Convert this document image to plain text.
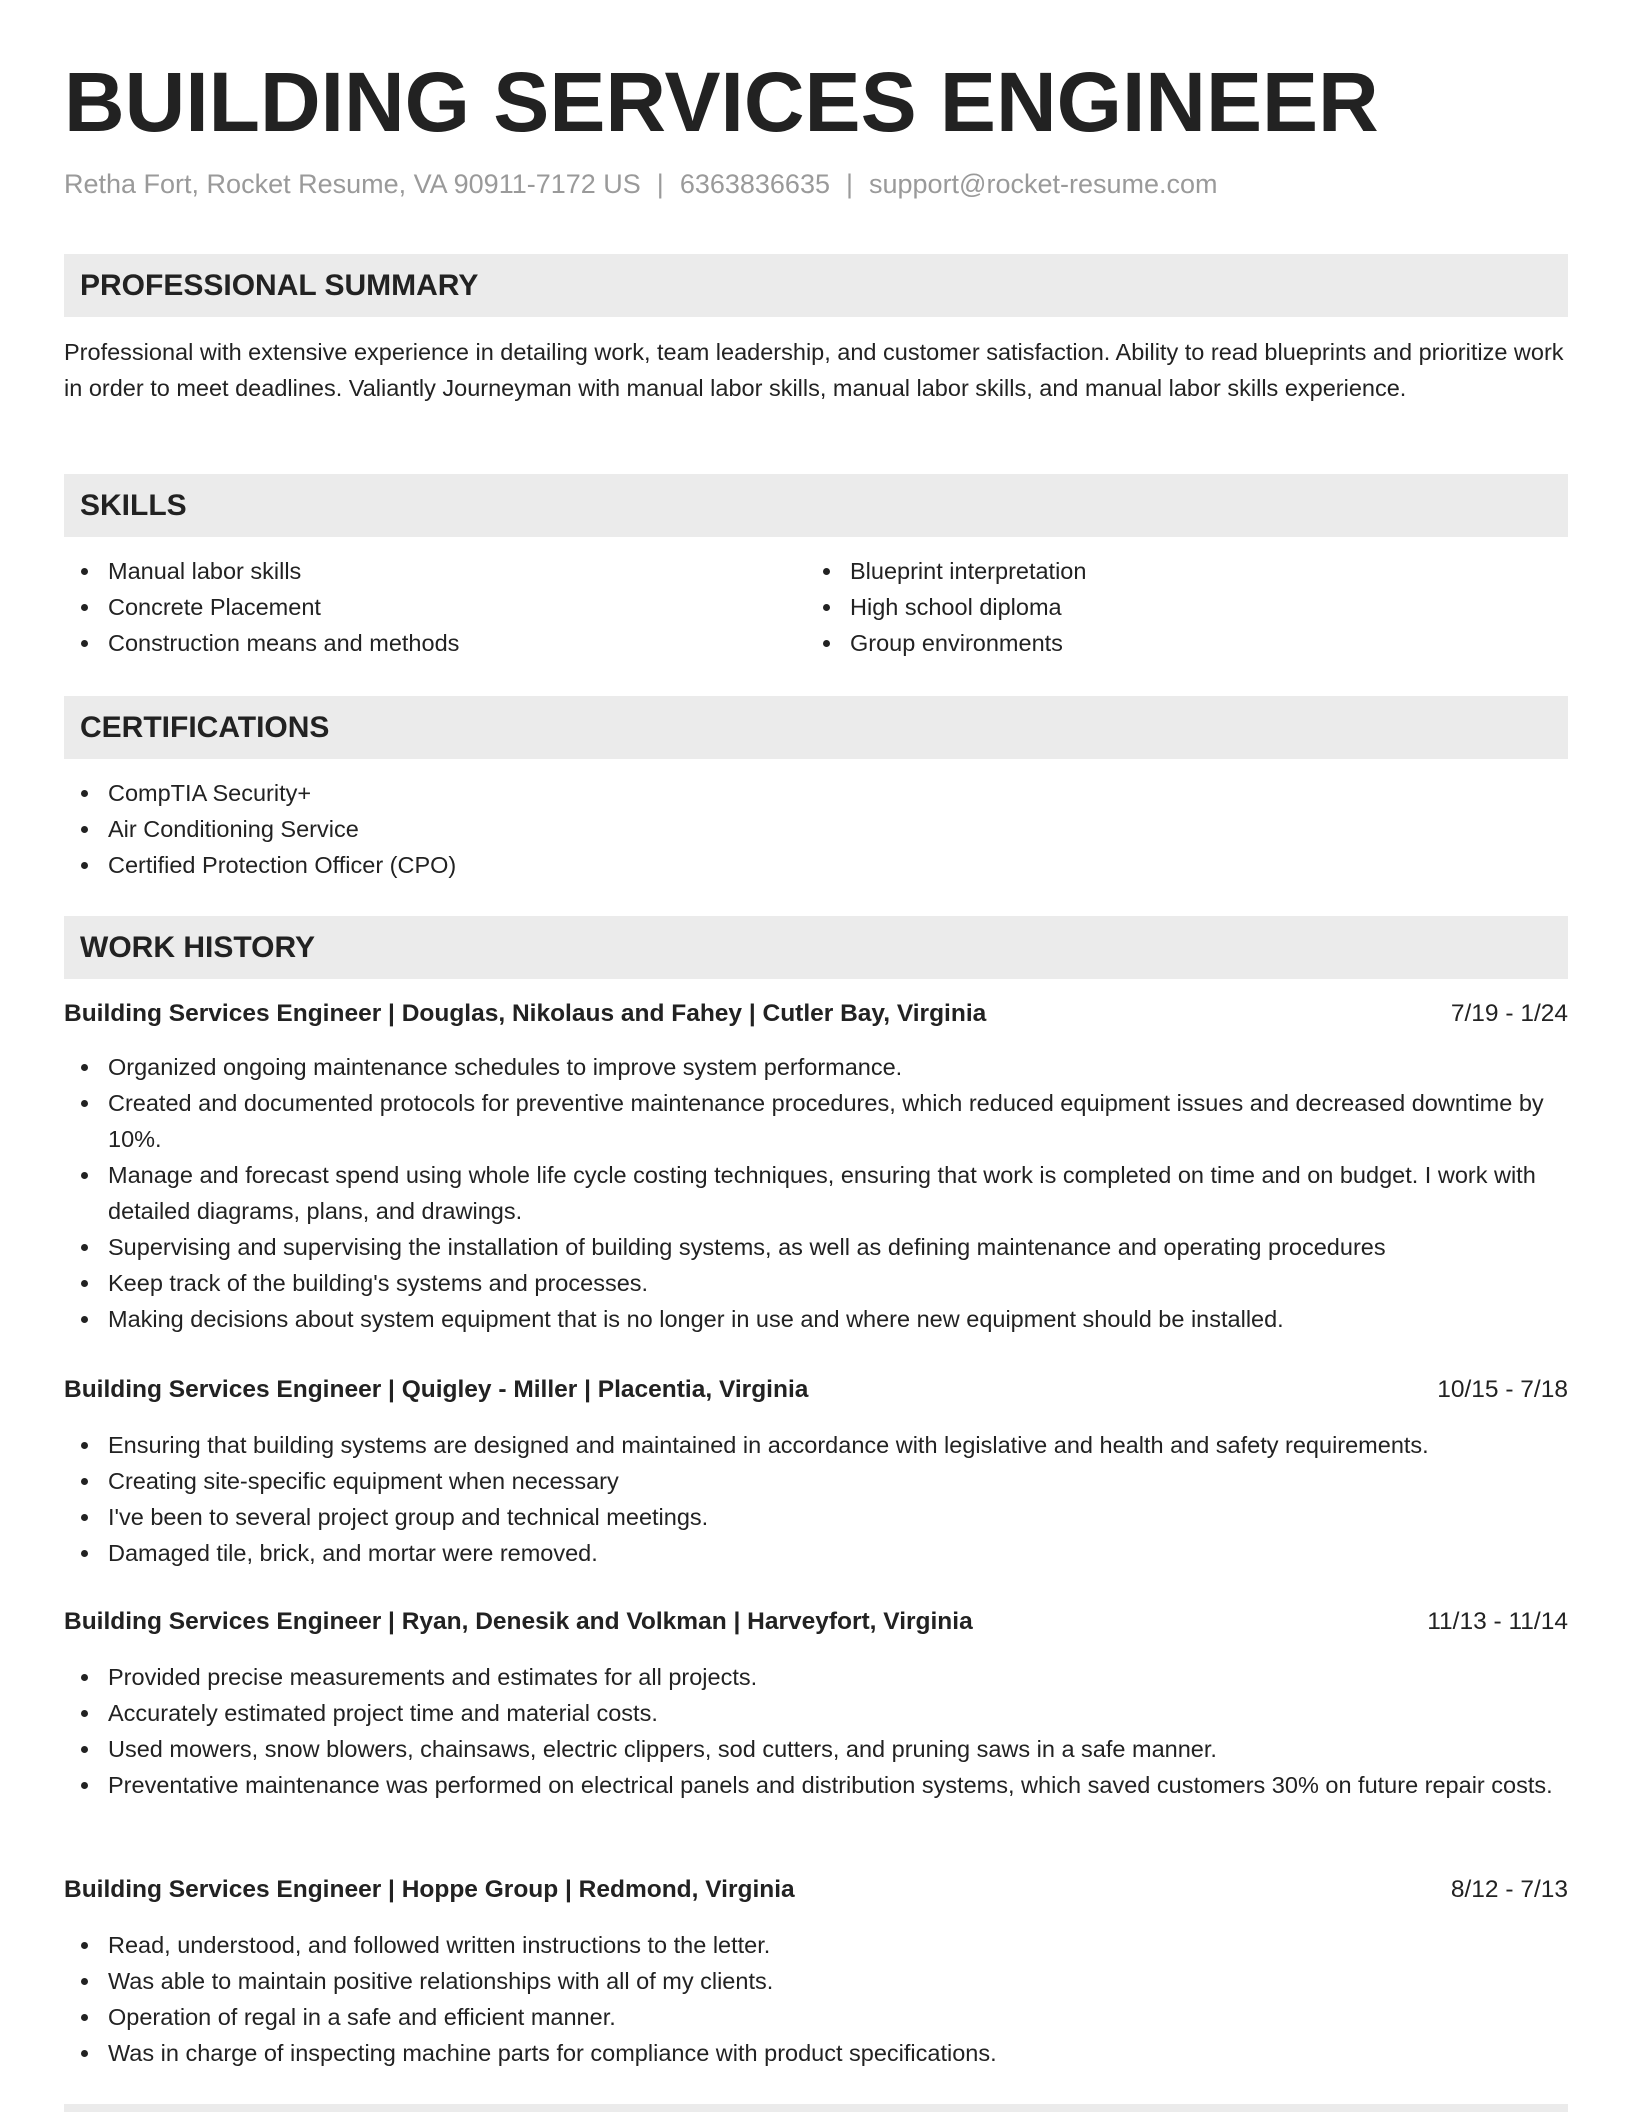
BUILDING SERVICES ENGINEER
Retha Fort, Rocket Resume, VA 90911-7172 US | 6363836635 | support@rocket-resume.com
PROFESSIONAL SUMMARY

Professional with extensive experience in detailing work, team leadership, and customer satisfaction. Ability to read blueprints and prioritize work in order to meet deadlines. Valiantly Journeyman with manual labor skills, manual labor skills, and manual labor skills experience.

SKILLS
Manual labor skills
Concrete Placement
Construction means and methods
Blueprint interpretation
High school diploma
Group environments
CERTIFICATIONS
CompTIA Security+
Air Conditioning Service
Certified Protection Officer (CPO)
WORK HISTORY
Building Services Engineer | Douglas, Nikolaus and Fahey | Cutler Bay, Virginia	7/19 - 1/24
Organized ongoing maintenance schedules to improve system performance.
Created and documented protocols for preventive maintenance procedures, which reduced equipment issues and decreased downtime by 10%.
Manage and forecast spend using whole life cycle costing techniques, ensuring that work is completed on time and on budget. I work with detailed diagrams, plans, and drawings.
Supervising and supervising the installation of building systems, as well as defining maintenance and operating procedures
Keep track of the building's systems and processes.
Making decisions about system equipment that is no longer in use and where new equipment should be installed.
Building Services Engineer | Quigley - Miller | Placentia, Virginia	10/15 - 7/18
Ensuring that building systems are designed and maintained in accordance with legislative and health and safety requirements.
Creating site-specific equipment when necessary
I've been to several project group and technical meetings.
Damaged tile, brick, and mortar were removed.
Building Services Engineer | Ryan, Denesik and Volkman | Harveyfort, Virginia	11/13 - 11/14
Provided precise measurements and estimates for all projects.
Accurately estimated project time and material costs.
Used mowers, snow blowers, chainsaws, electric clippers, sod cutters, and pruning saws in a safe manner.
Preventative maintenance was performed on electrical panels and distribution systems, which saved customers 30% on future repair costs.
Building Services Engineer | Hoppe Group | Redmond, Virginia	8/12 - 7/13
Read, understood, and followed written instructions to the letter.
Was able to maintain positive relationships with all of my clients.
Operation of regal in a safe and efficient manner.
Was in charge of inspecting machine parts for compliance with product specifications.
